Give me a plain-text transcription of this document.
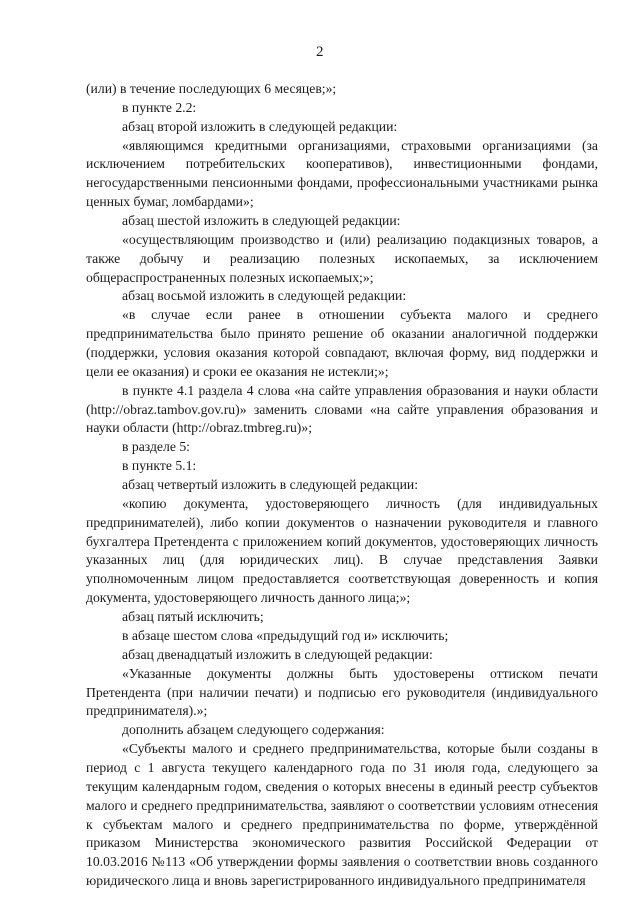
2

(или) в течение последующих 6 месяцев;»;

в пункте 2.2:

абзац второй изложить в следующей редакции:

«являющимся кредитными организациями, страховыми организациями (за исключением потребительских кооперативов), инвестиционными фондами, негосударственными пенсионными фондами, профессиональными участниками рынка ценных бумаг, ломбардами»;

абзац шестой изложить в следующей редакции:

«осуществляющим производство и (или) реализацию подакцизных товаров, а также добычу и реализацию полезных ископаемых, за исключением общераспространенных полезных ископаемых;»;

абзац восьмой изложить в следующей редакции:

«в случае если ранее в отношении субъекта малого и среднего предпринимательства было принято решение об оказании аналогичной поддержки (поддержки, условия оказания которой совпадают, включая форму, вид поддержки и цели ее оказания) и сроки ее оказания не истекли;»;

в пункте 4.1 раздела 4 слова «на сайте управления образования и науки области (http://obraz.tambov.gov.ru)» заменить словами «на сайте управления образования и науки области (http://obraz.tmbreg.ru)»;

в разделе 5:

в пункте 5.1:

абзац четвертый изложить в следующей редакции:

«копию документа, удостоверяющего личность (для индивидуальных предпринимателей), либо копии документов о назначении руководителя и главного бухгалтера Претендента с приложением копий документов, удостоверяющих личность указанных лиц (для юридических лиц). В случае представления Заявки уполномоченным лицом предоставляется соответствующая доверенность и копия документа, удостоверяющего личность данного лица;»;

абзац пятый исключить;

в абзаце шестом слова «предыдущий год и» исключить;

абзац двенадцатый изложить в следующей редакции:

«Указанные документы должны быть удостоверены оттиском печати Претендента (при наличии печати) и подписью его руководителя (индивидуального предпринимателя).»;

дополнить абзацем следующего содержания:

«Субъекты малого и среднего предпринимательства, которые были созданы в период с 1 августа текущего календарного года по 31 июля года, следующего за текущим календарным годом, сведения о которых внесены в единый реестр субъектов малого и среднего предпринимательства, заявляют о соответствии условиям отнесения к субъектам малого и среднего предпринимательства по форме, утверждённой приказом Министерства экономического развития Российской Федерации от 10.03.2016 №113 «Об утверждении формы заявления о соответствии вновь созданного юридического лица и вновь зарегистрированного индивидуального предпринимателя
